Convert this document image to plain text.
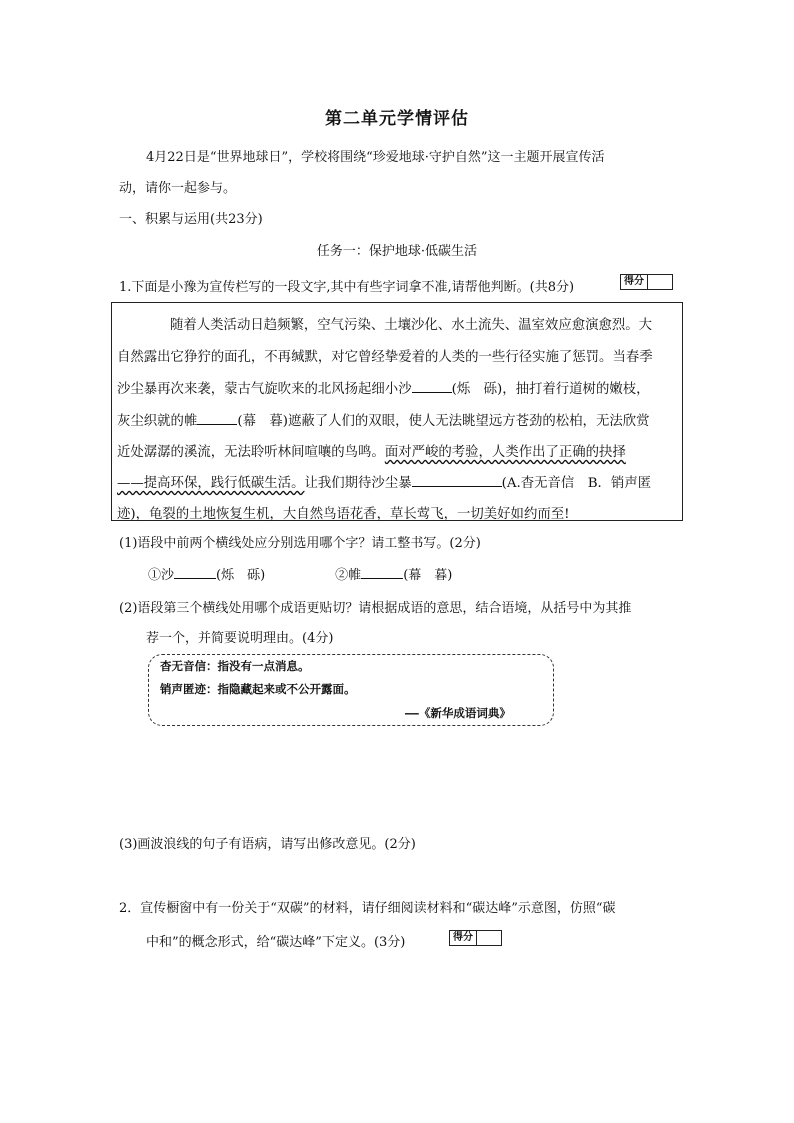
第二单元学情评估
4月22日是“世界地球日”，学校将围绕“珍爱地球·守护自然”这一主题开展宣传活
动，请你一起参与。
一、积累与运用(共23分)
任务一：保护地球·低碳生活
1.下面是小豫为宣传栏写的一段文字,其中有些字词拿不准,请帮他判断。(共8分)	得分
随着人类活动日趋频繁，空气污染、土壤沙化、水土流失、温室效应愈演愈烈。大
自然露出它狰狞的面孔，不再缄默，对它曾经挚爱着的人类的一些行径实施了惩罚。当春季
沙尘暴再次来袭，蒙古气旋吹来的北风扬起细小沙	(烁　砾)，抽打着行道树的嫩枝，
灰尘织就的帷	(幕　暮)遮蔽了人们的双眼，使人无法眺望远方苍劲的松柏，无法欣赏
近处潺潺的溪流，无法聆听林间喧嚷的鸟鸣。面对严峻的考验，人类作出了正确的抉择
——提高环保，践行低碳生活。让我们期待沙尘暴	(A.杳无音信　B．销声匿
迹)，龟裂的土地恢复生机，大自然鸟语花香，草长莺飞，一切美好如约而至!
(1)语段中前两个横线处应分别选用哪个字？请工整书写。(2分)
①沙	(烁　砾)	②帷	(幕　暮)
(2)语段第三个横线处用哪个成语更贴切？请根据成语的意思，结合语境，从括号中为其推
荐一个，并简要说明理由。(4分)
杳无音信：指没有一点消息。
销声匿迹：指隐藏起来或不公开露面。
——《新华成语词典》
(3)画波浪线的句子有语病，请写出修改意见。(2分)
2．宣传橱窗中有一份关于“双碳”的材料，请仔细阅读材料和“碳达峰”示意图，仿照“碳
中和”的概念形式，给“碳达峰”下定义。(3分)	得分
